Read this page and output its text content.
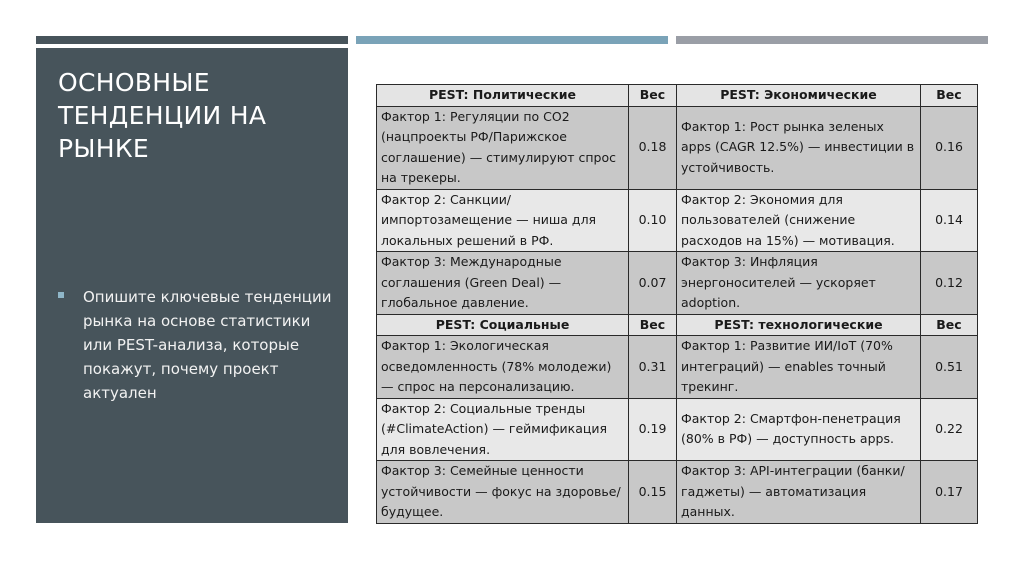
ОСНОВНЫЕ ТЕНДЕНЦИИ НА РЫНКЕ
Опишите ключевые тенденции рынка на основе статистики или PEST-анализа, которые покажут, почему проект актуален
PEST: Политические	Вес	PEST: Экономические	Вес
Фактор 1: Регуляции по CO2 (нацпроекты РФ/Парижское соглашение) — стимулируют спрос на трекеры.	0.18	Фактор 1: Рост рынка зеленых apps (CAGR 12.5%) — инвестиции в устойчивость.	0.16
Фактор 2: Санкции/импортозамещение — ниша для локальных решений в РФ.	0.10	Фактор 2: Экономия для пользователей (снижение расходов на 15%) — мотивация.	0.14
Фактор 3: Международные соглашения (Green Deal) — глобальное давление.	0.07	Фактор 3: Инфляция энергоносителей — ускоряет adoption.	0.12
PEST: Социальные	Вес	PEST: технологические	Вес
Фактор 1: Экологическая осведомленность (78% молодежи) — спрос на персонализацию.	0.31	Фактор 1: Развитие ИИ/IoT (70% интеграций) — enables точный трекинг.	0.51
Фактор 2: Социальные тренды (#ClimateAction) — геймификация для вовлечения.	0.19	Фактор 2: Смартфон-пенетрация (80% в РФ) — доступность apps.	0.22
Фактор 3: Семейные ценности устойчивости — фокус на здоровье/будущее.	0.15	Фактор 3: API-интеграции (банки/гаджеты) — автоматизация данных.	0.17
